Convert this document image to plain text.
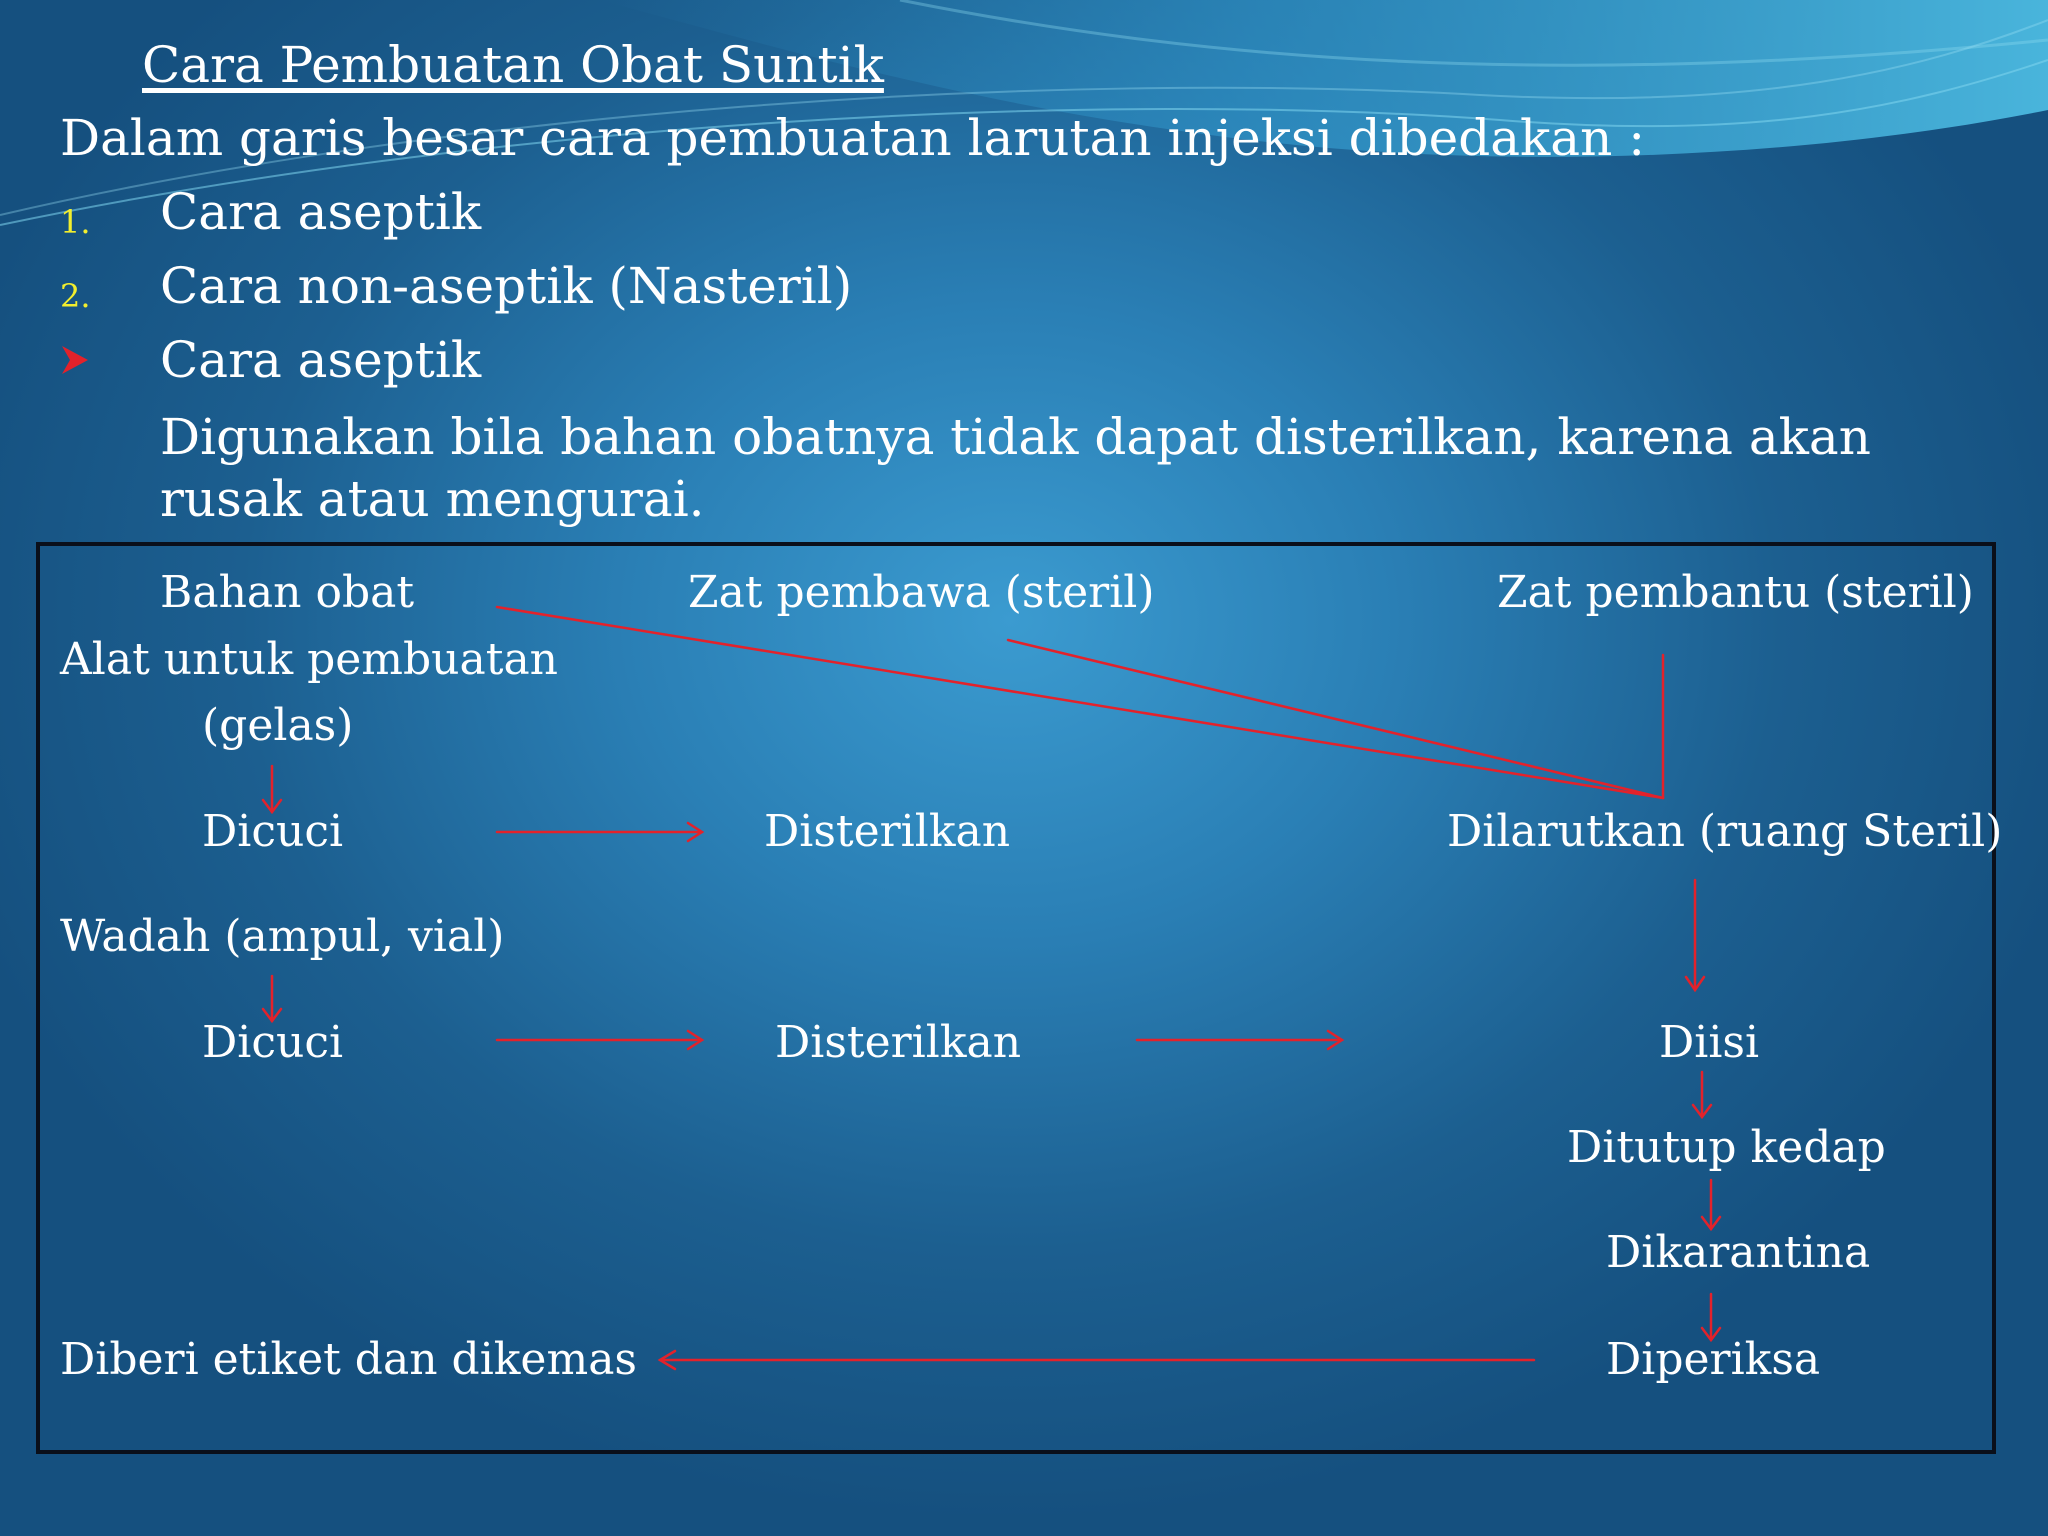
Cara Pembuatan Obat Suntik
Dalam garis besar cara pembuatan larutan injeksi dibedakan :
1. Cara aseptik
2. Cara non-aseptik (Nasteril)
Cara aseptik
Digunakan bila bahan obatnya tidak dapat disterilkan, karena akan rusak atau mengurai.
Bahan obat	Zat pembawa (steril)	Zat pembantu (steril)
Alat untuk pembuatan
(gelas)
Dicuci	Disterilkan	Dilarutkan (ruang Steril)
Wadah (ampul, vial)
Dicuci	Disterilkan	Diisi
Ditutup kedap
Dikarantina
Diberi etiket dan dikemas	Diperiksa
